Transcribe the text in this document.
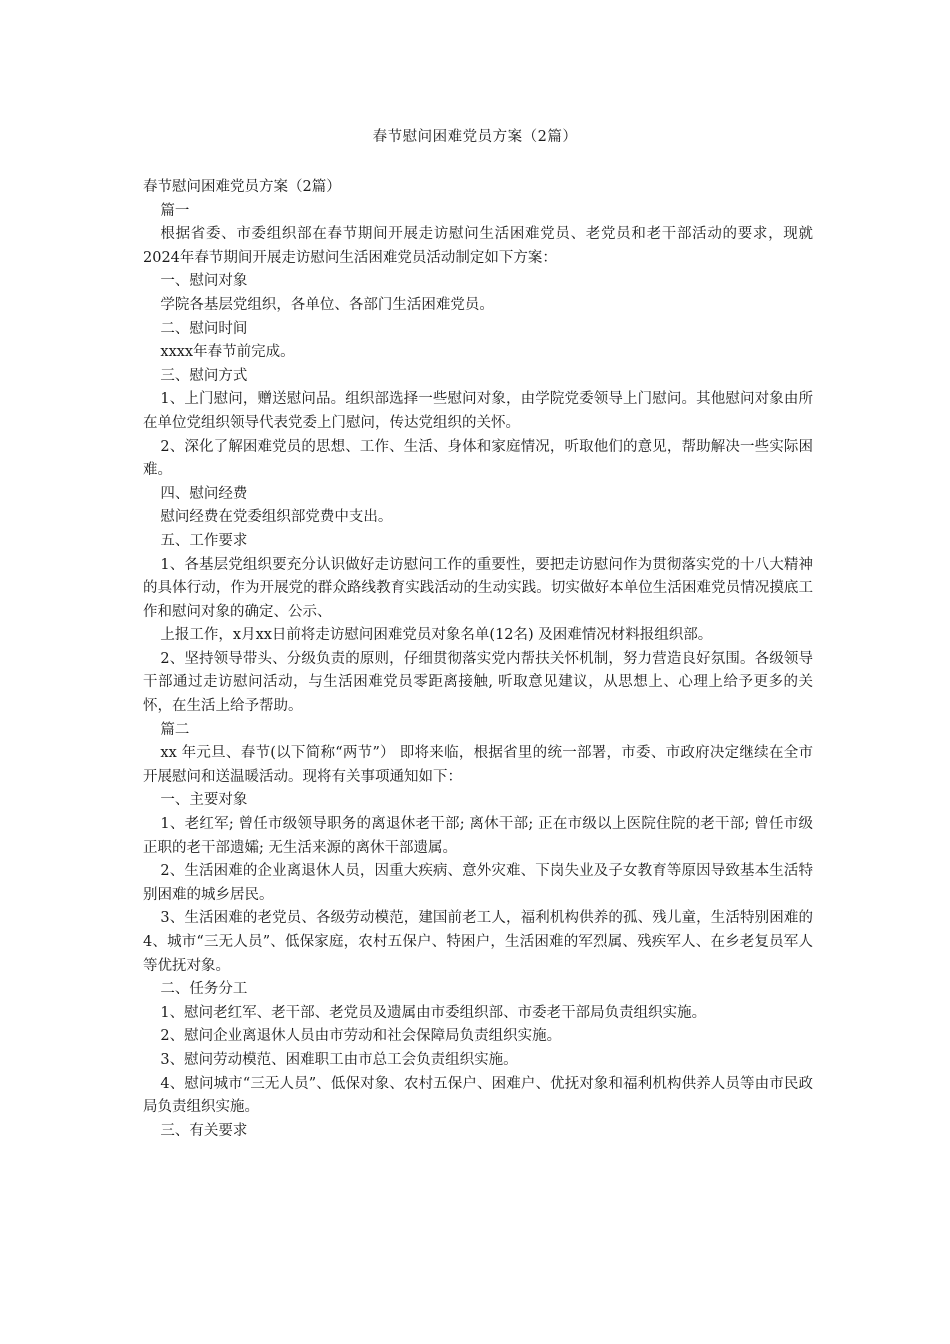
春节慰问困难党员方案（2篇）

春节慰问困难党员方案（2篇）

篇一

根据省委、市委组织部在春节期间开展走访慰问生活困难党员、老党员和老干部活动的要求，现就2024年春节期间开展走访慰问生活困难党员活动制定如下方案：

一、慰问对象

学院各基层党组织，各单位、各部门生活困难党员。

二、慰问时间

xxxx年春节前完成。

三、慰问方式

1、上门慰问，赠送慰问品。组织部选择一些慰问对象，由学院党委领导上门慰问。其他慰问对象由所在单位党组织领导代表党委上门慰问，传达党组织的关怀。

2、深化了解困难党员的思想、工作、生活、身体和家庭情况，听取他们的意见，帮助解决一些实际困难。

四、慰问经费

慰问经费在党委组织部党费中支出。

五、工作要求

1、各基层党组织要充分认识做好走访慰问工作的重要性，要把走访慰问作为贯彻落实党的十八大精神的具体行动，作为开展党的群众路线教育实践活动的生动实践。切实做好本单位生活困难党员情况摸底工作和慰问对象的确定、公示、

上报工作，x月xx日前将走访慰问困难党员对象名单(12名) 及困难情况材料报组织部。

2、坚持领导带头、分级负责的原则，仔细贯彻落实党内帮扶关怀机制，努力营造良好氛围。各级领导干部通过走访慰问活动，与生活困难党员零距离接触, 听取意见建议，从思想上、心理上给予更多的关怀，在生活上给予帮助。

篇二

xx 年元旦、春节(以下简称“两节”） 即将来临，根据省里的统一部署，市委、市政府决定继续在全市开展慰问和送温暖活动。现将有关事项通知如下：

一、主要对象

1、老红军; 曾任市级领导职务的离退休老干部; 离休干部; 正在市级以上医院住院的老干部; 曾任市级正职的老干部遗孀; 无生活来源的离休干部遗属。

2、生活困难的企业离退休人员，因重大疾病、意外灾难、下岗失业及子女教育等原因导致基本生活特别困难的城乡居民。

3、生活困难的老党员、各级劳动模范，建国前老工人，福利机构供养的孤、残儿童，生活特别困难的4、城市“三无人员”、低保家庭，农村五保户、特困户，生活困难的军烈属、残疾军人、在乡老复员军人等优抚对象。

二、任务分工

1、慰问老红军、老干部、老党员及遗属由市委组织部、市委老干部局负责组织实施。

2、慰问企业离退休人员由市劳动和社会保障局负责组织实施。

3、慰问劳动模范、困难职工由市总工会负责组织实施。

4、慰问城市“三无人员”、低保对象、农村五保户、困难户、优抚对象和福利机构供养人员等由市民政局负责组织实施。

三、有关要求
